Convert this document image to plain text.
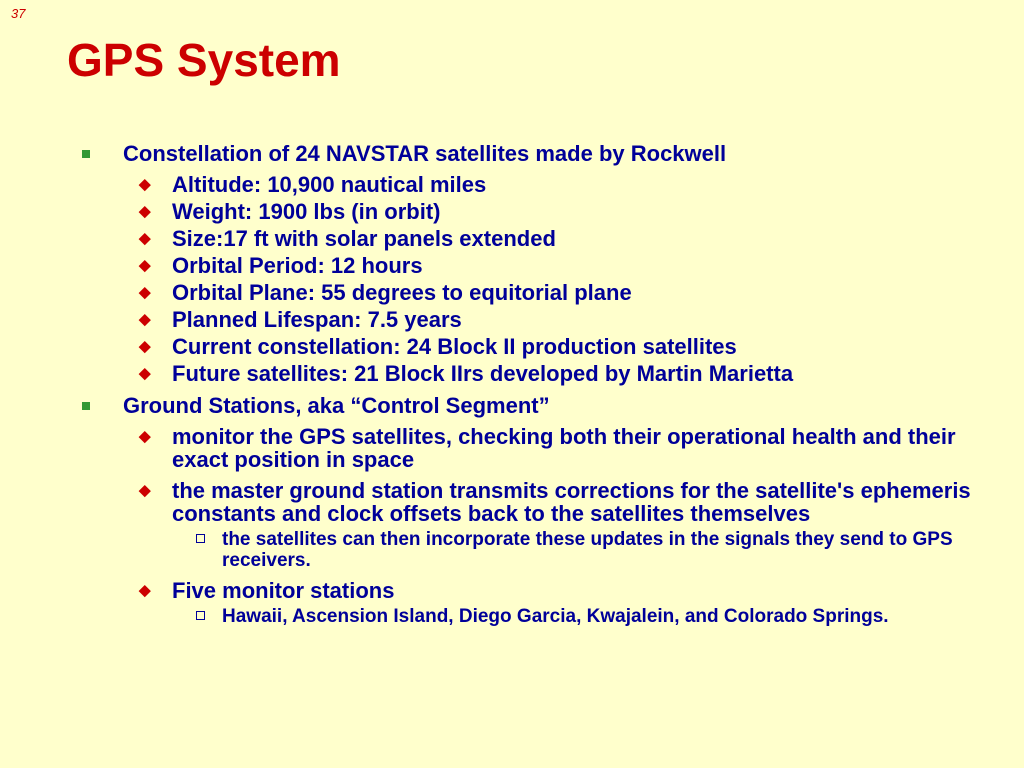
37
GPS System
Constellation of 24 NAVSTAR satellites made by Rockwell
◆ Altitude: 10,900 nautical miles
◆ Weight: 1900 lbs (in orbit)
◆ Size:17 ft with solar panels extended
◆ Orbital Period: 12 hours
◆ Orbital Plane: 55 degrees to equitorial plane
◆ Planned Lifespan: 7.5 years
◆ Current constellation: 24 Block II production satellites
◆ Future satellites: 21 Block IIrs developed by Martin Marietta
Ground Stations, aka “Control Segment”
◆ monitor the GPS satellites, checking both their operational health and their exact position in space
◆ the master ground station transmits corrections for the satellite's ephemeris constants and clock offsets back to the satellites themselves
the satellites can then incorporate these updates in the signals they send to GPS receivers.
◆ Five monitor stations
Hawaii, Ascension Island, Diego Garcia, Kwajalein, and Colorado Springs.
